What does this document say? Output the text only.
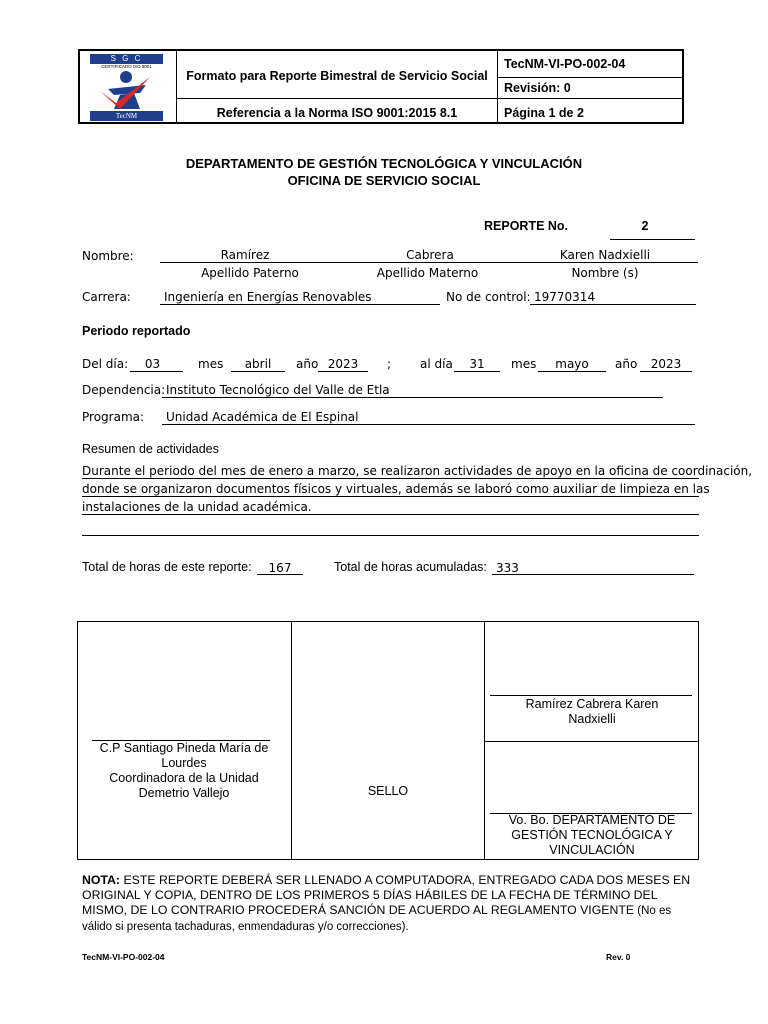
S G C
CERTIFICADO ISO 9001
TecNM
Formato para Reporte Bimestral de Servicio Social
Referencia a la Norma ISO 9001:2015 8.1
TecNM-VI-PO-002-04
Revisión: 0
Página 1 de 2
DEPARTAMENTO DE GESTIÓN TECNOLÓGICA Y VINCULACIÓN
OFICINA DE SERVICIO SOCIAL
REPORTE No.	2
Nombre:	Ramírez	Cabrera	Karen Nadxielli
Apellido Paterno	Apellido Materno	Nombre (s)
Carrera:	Ingeniería en Energías Renovables	No de control: 19770314
Periodo reportado
Del día:	03	mes	abril	año 2023	; al día	31	mes	mayo	año	2023
Dependencia: Instituto Tecnológico del Valle de Etla
Programa: Unidad Académica de El Espinal
Resumen de actividades
Durante el periodo del mes de enero a marzo, se realizaron actividades de apoyo en la oficina de coordinación,
donde se organizaron documentos físicos y virtuales, además se laboró como auxiliar de limpieza en las
instalaciones de la unidad académica.
Total de horas de este reporte:	167	Total de horas acumuladas: 333
C.P Santiago Pineda María de
Lourdes
Coordinadora de la Unidad
Demetrio Vallejo	SELLO
Ramírez Cabrera Karen
Nadxielli
Vo. Bo. DEPARTAMENTO DE
GESTIÓN TECNOLÓGICA Y
VINCULACIÓN
NOTA: ESTE REPORTE DEBERÁ SER LLENADO A COMPUTADORA, ENTREGADO CADA DOS MESES EN ORIGINAL Y COPIA, DENTRO DE LOS PRIMEROS 5 DÍAS HÁBILES DE LA FECHA DE TÉRMINO DEL MISMO, DE LO CONTRARIO PROCEDERÁ SANCIÓN DE ACUERDO AL REGLAMENTO VIGENTE (No es válido si presenta tachaduras, enmendaduras y/o correcciones).
TecNM-VI-PO-002-04	Rev. 0
